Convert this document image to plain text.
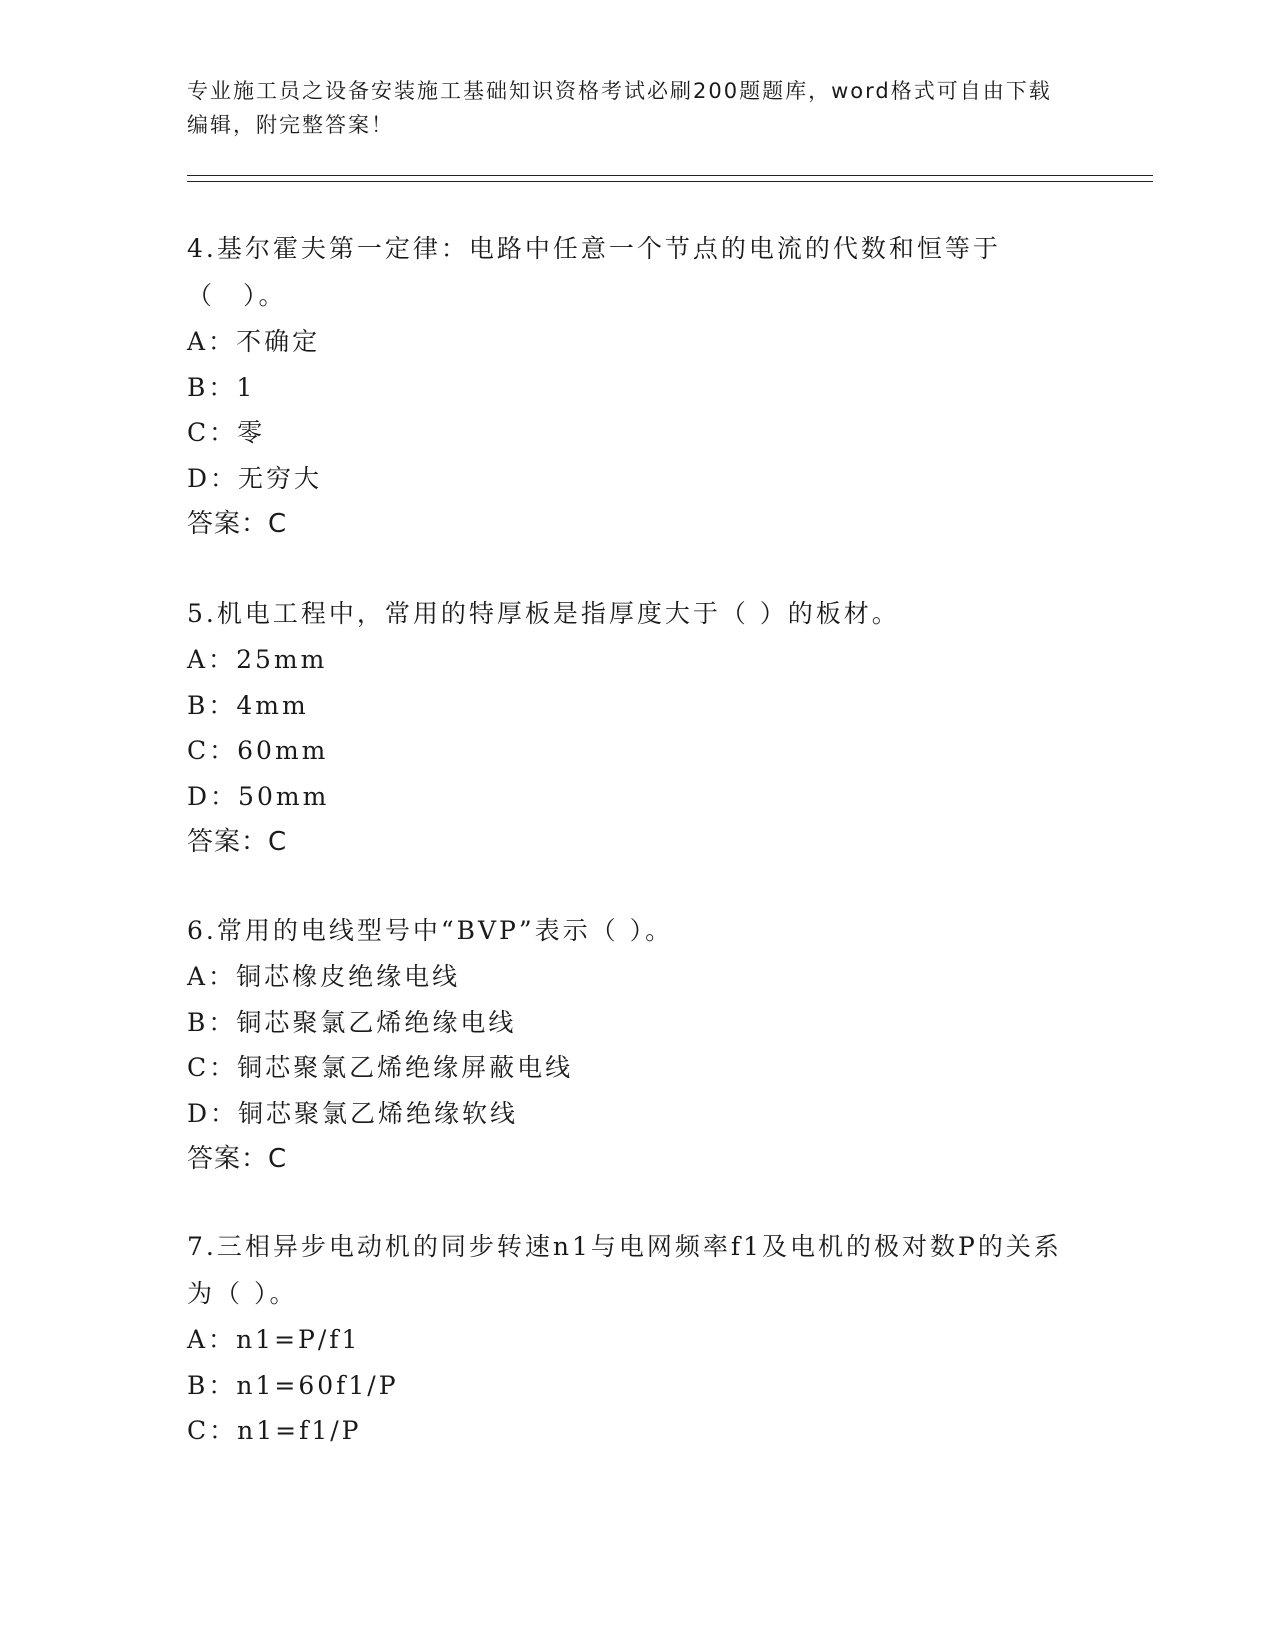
专业施工员之设备安装施工基础知识资格考试必刷200题题库，word格式可自由下载编辑，附完整答案！
4.基尔霍夫第一定律：电路中任意一个节点的电流的代数和恒等于（　）。
A：不确定
B：1
C：零
D：无穷大
答案：C
5.机电工程中，常用的特厚板是指厚度大于（ ）的板材。
A：25mm
B：4mm
C：60mm
D：50mm
答案：C
6.常用的电线型号中“BVP”表示（ ）。
A：铜芯橡皮绝缘电线
B：铜芯聚氯乙烯绝缘电线
C：铜芯聚氯乙烯绝缘屏蔽电线
D：铜芯聚氯乙烯绝缘软线
答案：C
7.三相异步电动机的同步转速n1与电网频率f1及电机的极对数P的关系为（ ）。
A：n1=P/f1
B：n1=60f1/P
C：n1=f1/P
